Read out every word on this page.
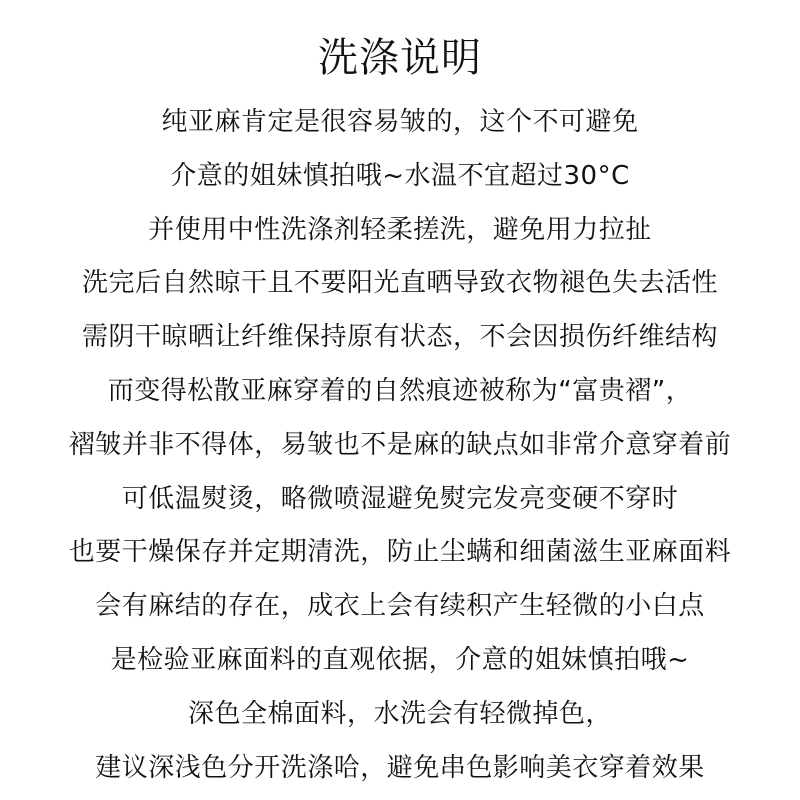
洗涤说明
纯亚麻肯定是很容易皱的，这个不可避免
介意的姐妹慎拍哦~水温不宜超过30°C
并使用中性洗涤剂轻柔搓洗，避免用力拉扯
洗完后自然晾干且不要阳光直晒导致衣物褪色失去活性
需阴干晾晒让纤维保持原有状态，不会因损伤纤维结构
而变得松散亚麻穿着的自然痕迹被称为“富贵褶”，
褶皱并非不得体，易皱也不是麻的缺点如非常介意穿着前
可低温熨烫，略微喷湿避免熨完发亮变硬不穿时
也要干燥保存并定期清洗，防止尘螨和细菌滋生亚麻面料
会有麻结的存在，成衣上会有续积产生轻微的小白点
是检验亚麻面料的直观依据，介意的姐妹慎拍哦~
深色全棉面料，水洗会有轻微掉色，
建议深浅色分开洗涤哈，避免串色影响美衣穿着效果
